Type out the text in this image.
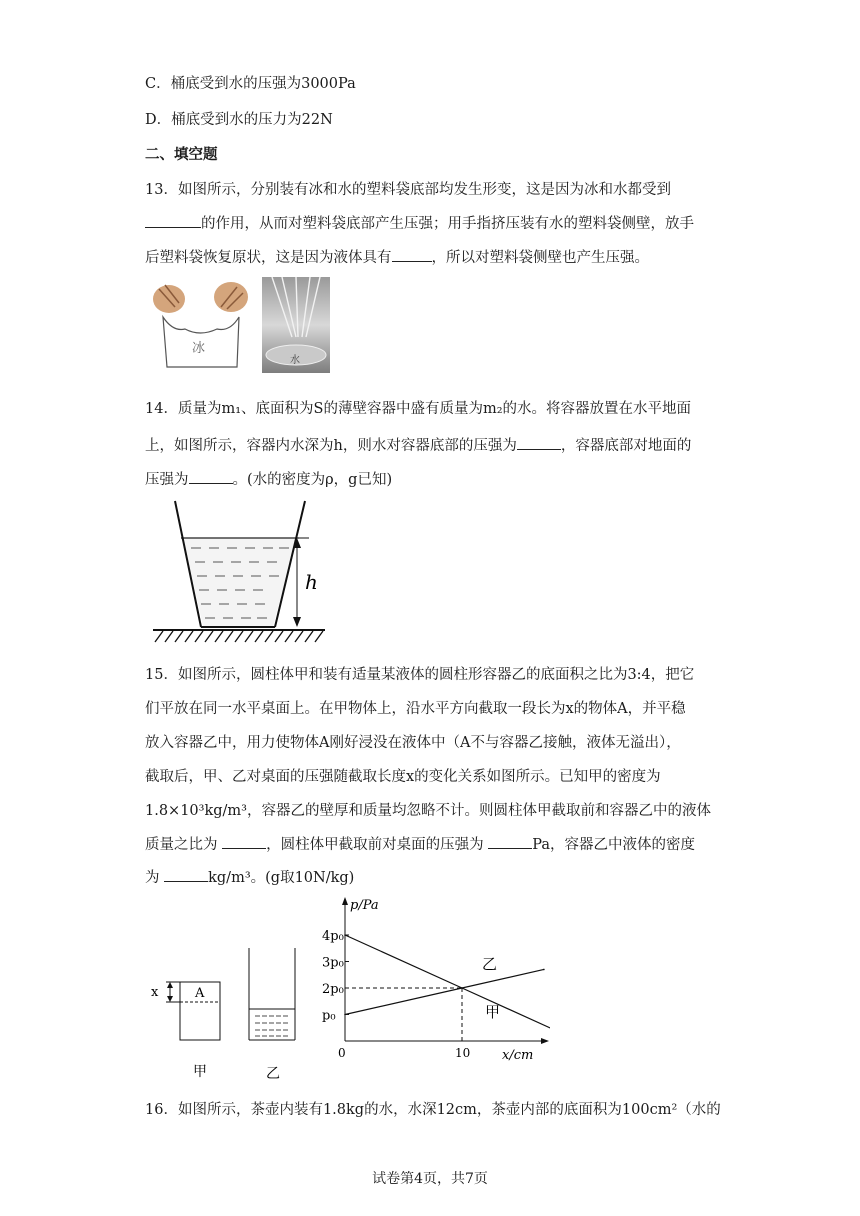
C．桶底受到水的压强为3000Pa
D．桶底受到水的压力为22N
二、填空题
13．如图所示，分别装有冰和水的塑料袋底部均发生形变，这是因为冰和水都受到
的作用，从而对塑料袋底部产生压强；用手指挤压装有水的塑料袋侧壁，放手
后塑料袋恢复原状，这是因为液体具有	，所以对塑料袋侧壁也产生压强。
冰
水
14．质量为m₁、底面积为S的薄壁容器中盛有质量为m₂的水。将容器放置在水平地面
上，如图所示，容器内水深为h，则水对容器底部的压强为	，容器底部对地面的
压强为	。(水的密度为ρ，g已知)
h
15．如图所示，圆柱体甲和装有适量某液体的圆柱形容器乙的底面积之比为3:4，把它
们平放在同一水平桌面上。在甲物体上，沿水平方向截取一段长为x的物体A，并平稳
放入容器乙中，用力使物体A刚好浸没在液体中（A不与容器乙接触，液体无溢出），
截取后，甲、乙对桌面的压强随截取长度x的变化关系如图所示。已知甲的密度为
1.8×10³kg/m³，容器乙的壁厚和质量均忽略不计。则圆柱体甲截取前和容器乙中的液体
质量之比为	，圆柱体甲截取前对桌面的压强为	Pa，容器乙中液体的密度
为	kg/m³。(g取10N/kg)
A
x
甲	乙
p/Pa
x/cm
0
4p₀
3p₀
2p₀
p₀
10
乙
甲
16．如图所示，茶壶内装有1.8kg的水，水深12cm，茶壶内部的底面积为100cm²（水的
试卷第4页，共7页
